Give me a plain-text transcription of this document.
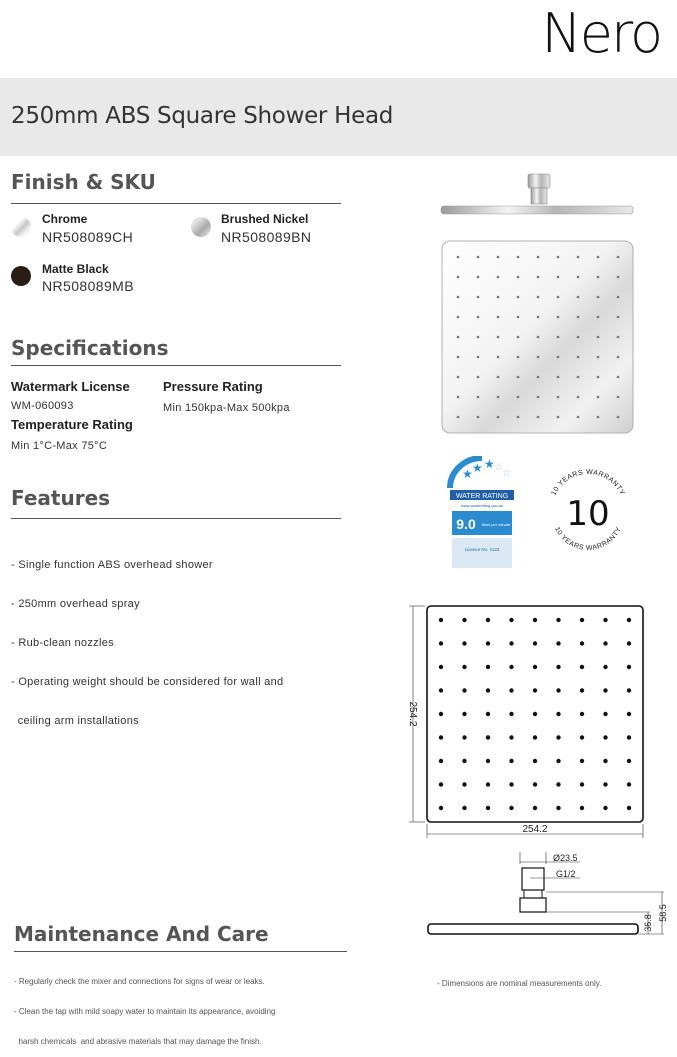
Nero
250mm ABS Square Shower Head
Finish & SKU
Chrome
NR508089CH
Brushed Nickel
NR508089BN
Matte Black
NR508089MB
Specifications
Watermark License
WM-060093
Temperature Rating
Min 1°C-Max 75°C
Pressure Rating
Min 150kpa-Max 500kpa
Features

- Single function ABS overhead shower

- 250mm overhead spray

- Rub-clean nozzles

- Operating weight should be considered for wall and

ceiling arm installations

Maintenance And Care

- Regularly check the mixer and connections for signs of wear or leaks.

- Clean the tap with mild soapy water to maintain its appearance, avoiding

harsh chemicals  and abrasive materials that may damage the finish.

★ ★ ★ ☆
☆
WATER RATING
www.waterrating.gov.au
9.0 litres per minute
Licence No. 1123
10 YEARS WARRANTY
10 YEARS WARRANTY
10
254.2
254.2
Ø23.5
G1/2
36.8
58.5
- Dimensions are nominal measurements only.
